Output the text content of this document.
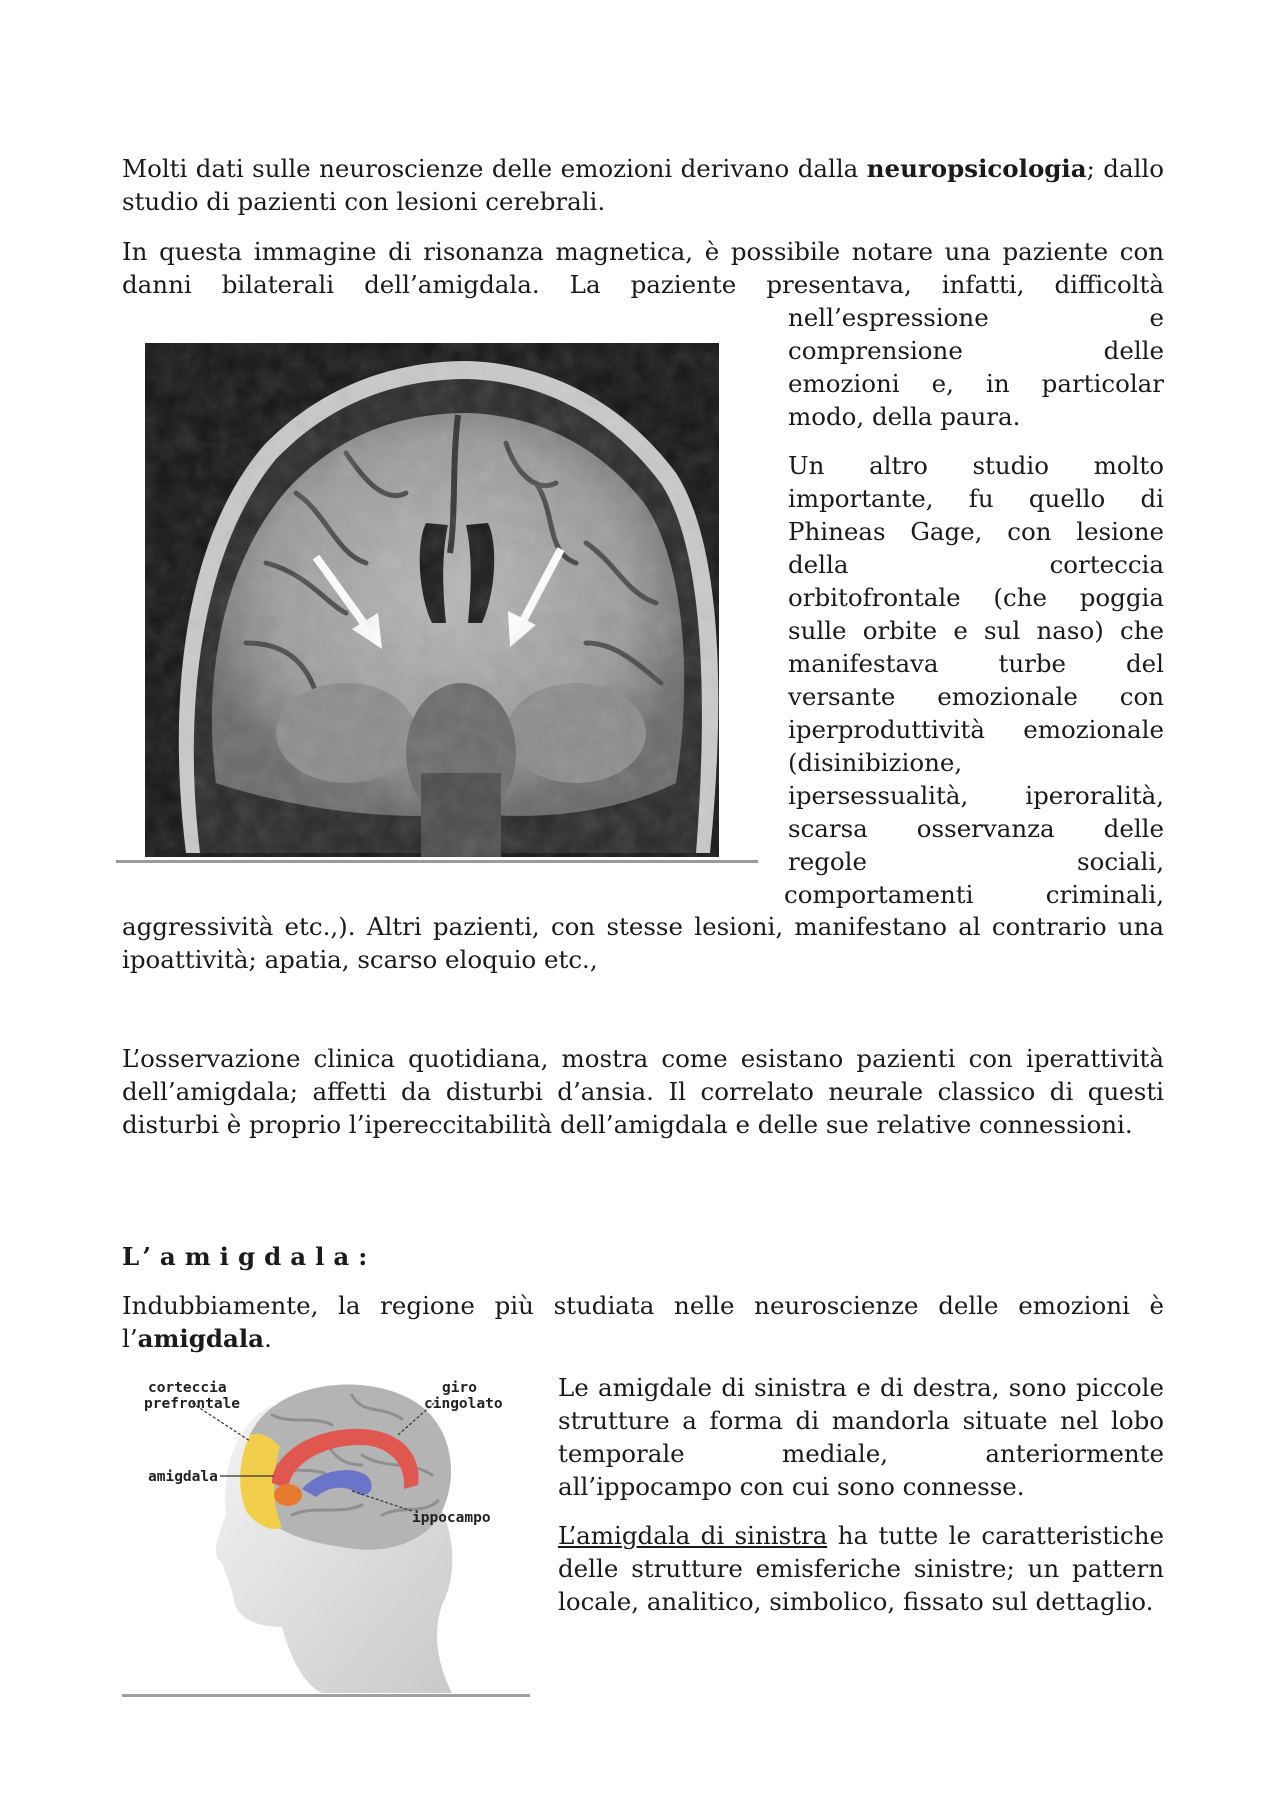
Molti dati sulle neuroscienze delle emozioni derivano dalla neuropsicologia; dallo studio di pazienti con lesioni cerebrali.

In questa immagine di risonanza magnetica, è possibile notare una paziente con danni bilaterali dell’amigdala. La paziente presentava, infatti, difficoltà

nell’espressione e

comprensione delle

emozioni e, in particolar

modo, della paura.

Un altro studio molto

importante, fu quello di

Phineas Gage, con lesione

della corteccia

orbitofrontale (che poggia

sulle orbite e sul naso) che

manifestava turbe del

versante emozionale con

iperproduttività emozionale

(disinibizione,

ipersessualità, iperoralità,

scarsa osservanza delle

regole sociali,

comportamenti criminali,

aggressività etc.,). Altri pazienti, con stesse lesioni, manifestano al contrario una ipoattività; apatia, scarso eloquio etc.,

L’osservazione clinica quotidiana, mostra come esistano pazienti con iperattività dell’amigdala; affetti da disturbi d’ansia. Il correlato neurale classico di questi disturbi è proprio l’ipereccitabilità dell’amigdala e delle sue relative connessioni.

L’amigdala:

Indubbiamente, la regione più studiata nelle neuroscienze delle emozioni è l’amigdala.

corteccia
prefrontale
giro
cingolato
amigdala
ippocampo

Le amigdale di sinistra e di destra, sono piccole strutture a forma di mandorla situate nel lobo temporale mediale, anteriormente all’ippocampo con cui sono connesse.

L’amigdala di sinistra ha tutte le caratteristiche delle strutture emisferiche sinistre; un pattern locale, analitico, simbolico, fissato sul dettaglio.
